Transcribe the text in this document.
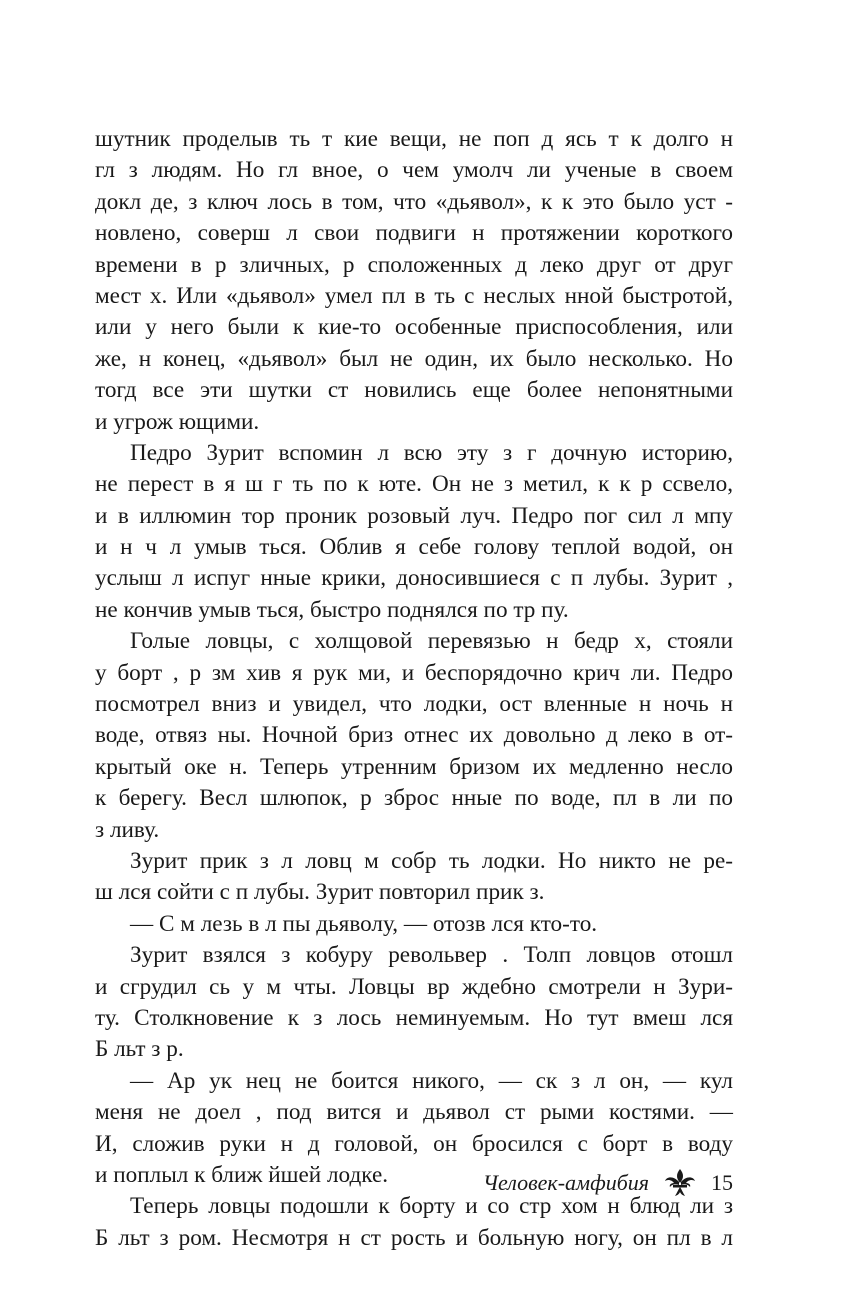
шутник проделыв ть т кие вещи, не поп д ясь т к долго н
гл з людям. Но гл вное, о чем умолч ли ученые в своем
докл де, з ключ лось в том, что «дьявол», к к это было уст -
новлено, соверш л свои подвиги н протяжении короткого
времени в р зличных, р сположенных д леко друг от друг
мест х. Или «дьявол» умел пл в ть с неслых нной быстротой,
или у него были к кие-то особенные приспособления, или
же, н конец, «дьявол» был не один, их было несколько. Но
тогд все эти шутки ст новились еще более непонятными
и угрож ющими.
Педро Зурит вспомин л всю эту з г дочную историю,
не перест в я ш г ть по к юте. Он не з метил, к к р ссвело,
и в иллюмин тор проник розовый луч. Педро пог сил л мпу
и н ч л умыв ться. Облив я себе голову теплой водой, он
услыш л испуг нные крики, доносившиеся с п лубы. Зурит ,
не кончив умыв ться, быстро поднялся по тр пу.
Голые ловцы, с холщовой перевязью н бедр х, стояли
у борт , р зм хив я рук ми, и беспорядочно крич ли. Педро
посмотрел вниз и увидел, что лодки, ост вленные н ночь н
воде, отвяз ны. Ночной бриз отнес их довольно д леко в от-
крытый оке н. Теперь утренним бризом их медленно несло
к берегу. Весл шлюпок, р зброс нные по воде, пл в ли по
з ливу.
Зурит прик з л ловц м собр ть лодки. Но никто не ре-
ш лся сойти с п лубы. Зурит повторил прик з.
— С м лезь в л пы дьяволу, — отозв лся кто-то.
Зурит взялся з кобуру револьвер . Толп ловцов отошл
и сгрудил сь у м чты. Ловцы вр ждебно смотрели н Зури-
ту. Столкновение к з лось неминуемым. Но тут вмеш лся
Б льт з р.
— Ар ук нец не боится никого, — ск з л он, — кул
меня не доел , под вится и дьявол ст рыми костями. —
И, сложив руки н д головой, он бросился с борт в воду
и поплыл к ближ йшей лодке.
Теперь ловцы подошли к борту и со стр хом н блюд ли з
Б льт з ром. Несмотря н ст рость и больную ногу, он пл в л
Человек-амфибия	15
